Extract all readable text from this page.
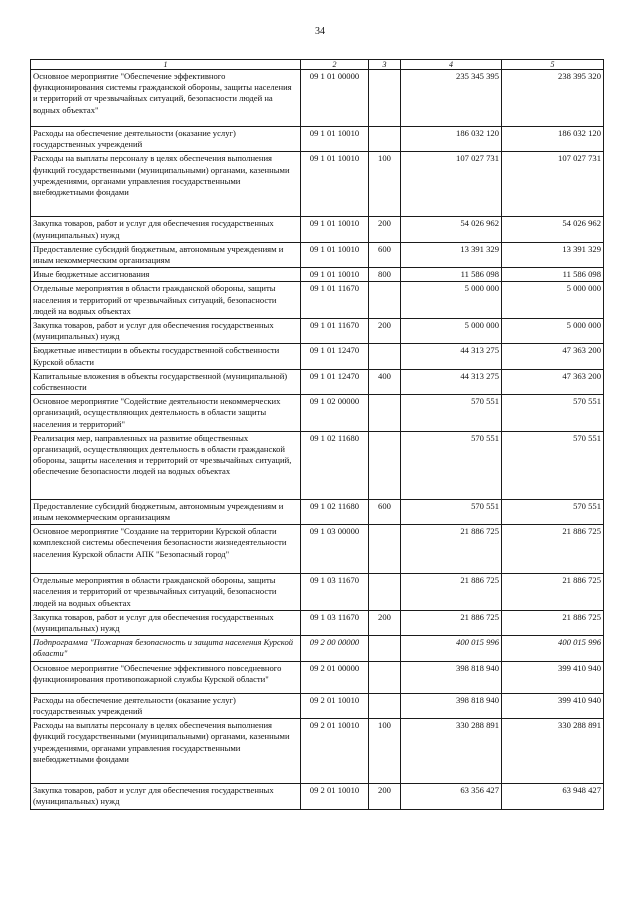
34
1	2	3	4	5
Основное мероприятие "Обеспечение эффективного функционирования системы гражданской обороны, защиты населения и территорий от чрезвычайных ситуаций, безопасности людей на водных объектах"	09 1 01 00000		235 345 395	238 395 320
Расходы на обеспечение деятельности (оказание услуг) государственных учреждений	09 1 01 10010		186 032 120	186 032 120
Расходы на выплаты персоналу в целях обеспечения выполнения функций государственными (муниципальными) органами, казенными учреждениями, органами управления государственными внебюджетными фондами	09 1 01 10010	100	107 027 731	107 027 731
Закупка товаров, работ и услуг для обеспечения государственных (муниципальных) нужд	09 1 01 10010	200	54 026 962	54 026 962
Предоставление субсидий бюджетным, автономным учреждениям и иным некоммерческим организациям	09 1 01 10010	600	13 391 329	13 391 329
Иные бюджетные ассигнования	09 1 01 10010	800	11 586 098	11 586 098
Отдельные мероприятия в области гражданской обороны, защиты населения и территорий от чрезвычайных ситуаций, безопасности людей на водных объектах	09 1 01 11670		5 000 000	5 000 000
Закупка товаров, работ и услуг для обеспечения государственных (муниципальных) нужд	09 1 01 11670	200	5 000 000	5 000 000
Бюджетные инвестиции в объекты государственной собственности Курской области	09 1 01 12470		44 313 275	47 363 200
Капитальные вложения в объекты государственной (муниципальной) собственности	09 1 01 12470	400	44 313 275	47 363 200
Основное мероприятие "Содействие деятельности некоммерческих организаций, осуществляющих деятельность в области защиты населения и территорий"	09 1 02 00000		570 551	570 551
Реализация мер, направленных на развитие общественных организаций, осуществляющих деятельность в области гражданской обороны, защиты населения и территорий от чрезвычайных ситуаций, обеспечение безопасности людей на водных объектах	09 1 02 11680		570 551	570 551
Предоставление субсидий бюджетным, автономным учреждениям и иным некоммерческим организациям	09 1 02 11680	600	570 551	570 551
Основное мероприятие "Создание на территории Курской области комплексной системы обеспечения безопасности жизнедеятельности населения Курской области АПК "Безопасный город"	09 1 03 00000		21 886 725	21 886 725
Отдельные мероприятия в области гражданской обороны, защиты населения и территорий от чрезвычайных ситуаций, безопасности людей на водных объектах	09 1 03 11670		21 886 725	21 886 725
Закупка товаров, работ и услуг для обеспечения государственных (муниципальных) нужд	09 1 03 11670	200	21 886 725	21 886 725
Подпрограмма "Пожарная безопасность и защита населения Курской области"	09 2 00 00000		400 015 996	400 015 996
Основное мероприятие "Обеспечение эффективного повседневного функционирования противопожарной службы Курской области"	09 2 01 00000		398 818 940	399 410 940
Расходы на обеспечение деятельности (оказание услуг) государственных учреждений	09 2 01 10010		398 818 940	399 410 940
Расходы на выплаты персоналу в целях обеспечения выполнения функций государственными (муниципальными) органами, казенными учреждениями, органами управления государственными внебюджетными фондами	09 2 01 10010	100	330 288 891	330 288 891
Закупка товаров, работ и услуг для обеспечения государственных (муниципальных) нужд	09 2 01 10010	200	63 356 427	63 948 427
